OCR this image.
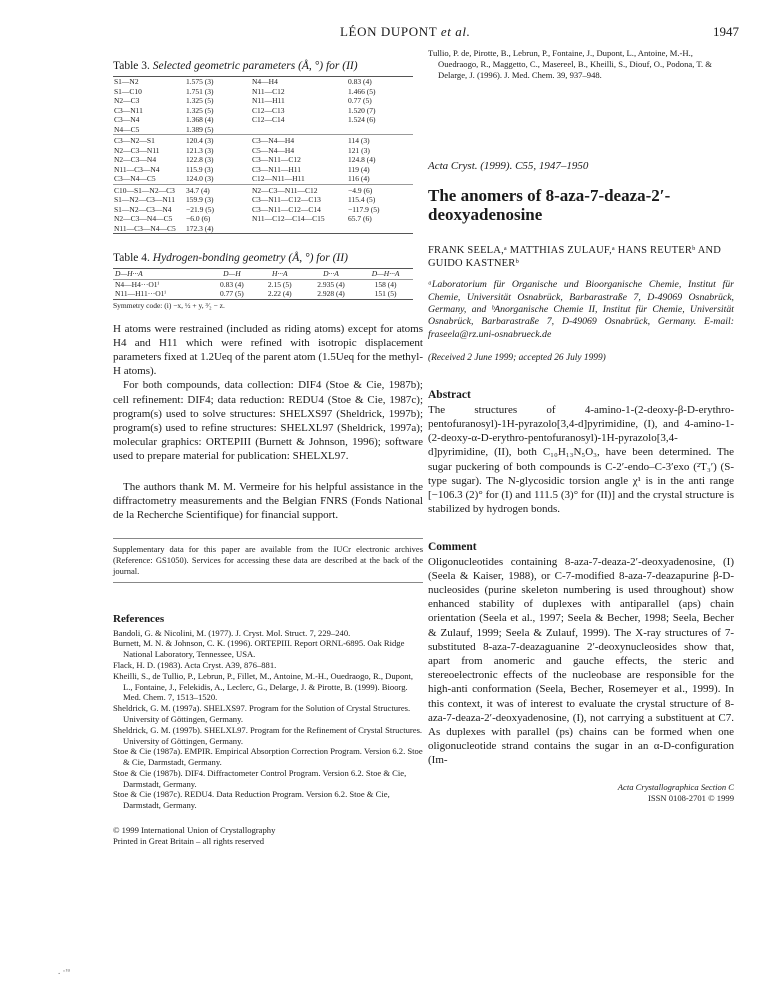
LÉON DUPONT et al.	1947
Table 3. Selected geometric parameters (Å, °) for (II)
S1—N2	1.575 (3)	N4—H4	0.83 (4)
S1—C10	1.751 (3)	N11—C12	1.466 (5)
N2—C3	1.325 (5)	N11—H11	0.77 (5)
C3—N11	1.325 (5)	C12—C13	1.520 (7)
C3—N4	1.368 (4)	C12—C14	1.524 (6)
N4—C5	1.389 (5)		
C3—N2—S1	120.4 (3)	C3—N4—H4	114 (3)
N2—C3—N11	121.3 (3)	C5—N4—H4	121 (3)
N2—C3—N4	122.8 (3)	C3—N11—C12	124.8 (4)
N11—C3—N4	115.9 (3)	C3—N11—H11	119 (4)
C3—N4—C5	124.0 (3)	C12—N11—H11	116 (4)
C10—S1—N2—C3	34.7 (4)	N2—C3—N11—C12	−4.9 (6)
S1—N2—C3—N11	159.9 (3)	C3—N11—C12—C13	115.4 (5)
S1—N2—C3—N4	−21.9 (5)	C3—N11—C12—C14	−117.9 (5)
N2—C3—N4—C5	−6.0 (6)	N11—C12—C14—C15	65.7 (6)
N11—C3—N4—C5	172.3 (4)		
Table 4. Hydrogen-bonding geometry (Å, °) for (II)
D—H···A	D—H	H···A	D···A	D—H···A
N4—H4···O1ⁱ	0.83 (4)	2.15 (5)	2.935 (4)	158 (4)
N11—H11···O1ⁱ	0.77 (5)	2.22 (4)	2.928 (4)	151 (5)
Symmetry code: (i) −x, ½ + y, ³⁄₂ − z.

H atoms were restrained (included as riding atoms) except for atoms H4 and H11 which were refined with isotropic displacement parameters fixed at 1.2Ueq of the parent atom (1.5Ueq for the methyl-H atoms).

For both compounds, data collection: DIF4 (Stoe & Cie, 1987b); cell refinement: DIF4; data reduction: REDU4 (Stoe & Cie, 1987c); program(s) used to solve structures: SHELXS97 (Sheldrick, 1997b); program(s) used to refine structures: SHELXL97 (Sheldrick, 1997a); molecular graphics: ORTEPIII (Burnett & Johnson, 1996); software used to prepare material for publication: SHELXL97.

The authors thank M. M. Vermeire for his helpful assistance in the diffractometry measurements and the Belgian FNRS (Fonds National de la Recherche Scientifique) for financial support.

Supplementary data for this paper are available from the IUCr electronic archives (Reference: GS1050). Services for accessing these data are described at the back of the journal.

References

Bandoli, G. & Nicolini, M. (1977). J. Cryst. Mol. Struct. 7, 229–240.

Burnett, M. N. & Johnson, C. K. (1996). ORTEPIII. Report ORNL-6895. Oak Ridge National Laboratory, Tennessee, USA.

Flack, H. D. (1983). Acta Cryst. A39, 876–881.

Kheilli, S., de Tullio, P., Lebrun, P., Fillet, M., Antoine, M.-H., Ouedraogo, R., Dupont, L., Fontaine, J., Felekidis, A., Leclerc, G., Delarge, J. & Pirotte, B. (1999). Bioorg. Med. Chem. 7, 1513–1520.

Sheldrick, G. M. (1997a). SHELXS97. Program for the Solution of Crystal Structures. University of Göttingen, Germany.

Sheldrick, G. M. (1997b). SHELXL97. Program for the Refinement of Crystal Structures. University of Göttingen, Germany.

Stoe & Cie (1987a). EMPIR. Empirical Absorption Correction Program. Version 6.2. Stoe & Cie, Darmstadt, Germany.

Stoe & Cie (1987b). DIF4. Diffractometer Control Program. Version 6.2. Stoe & Cie, Darmstadt, Germany.

Stoe & Cie (1987c). REDU4. Data Reduction Program. Version 6.2. Stoe & Cie, Darmstadt, Germany.

© 1999 International Union of Crystallography
Printed in Great Britain – all rights reserved

Tullio, P. de, Pirotte, B., Lebrun, P., Fontaine, J., Dupont, L., Antoine, M.-H., Ouedraogo, R., Maggetto, C., Masereel, B., Kheilli, S., Diouf, O., Podona, T. & Delarge, J. (1996). J. Med. Chem. 39, 937–948.

Acta Cryst. (1999). C55, 1947–1950
The anomers of 8-aza-7-deaza-2′-deoxyadenosine
FRANK SEELA,ᵃ MATTHIAS ZULAUF,ᵃ HANS REUTERᵇ AND GUIDO KASTNERᵇ
ᵃLaboratorium für Organische und Bioorganische Chemie, Institut für Chemie, Universität Osnabrück, Barbarastraße 7, D-49069 Osnabrück, Germany, and ᵇAnorganische Chemie II, Institut für Chemie, Universität Osnabrück, Barbarastraße 7, D-49069 Osnabrück, Germany. E-mail: fraseela@rz.uni-osnabrueck.de
(Received 2 June 1999; accepted 26 July 1999)
Abstract

The structures of 4-amino-1-(2-deoxy-β-D-erythro-pentofuranosyl)-1H-pyrazolo[3,4-d]pyrimidine, (I), and 4-amino-1-(2-deoxy-α-D-erythro-pentofuranosyl)-1H-pyrazolo[3,4-d]pyrimidine, (II), both C₁₀H₁₃N₅O₃, have been determined. The sugar puckering of both compounds is C-2′-endo–C-3′exo (²T₃′) (S-type sugar). The N-glycosidic torsion angle χ¹ is in the anti range [−106.3 (2)° for (I) and 111.5 (3)° for (II)] and the crystal structure is stabilized by hydrogen bonds.

Comment

Oligonucleotides containing 8-aza-7-deaza-2′-deoxyadenosine, (I) (Seela & Kaiser, 1988), or C-7-modified 8-aza-7-deazapurine β-D-nucleosides (purine skeleton numbering is used throughout) show enhanced stability of duplexes with antiparallel (aps) chain orientation (Seela et al., 1997; Seela & Becher, 1998; Seela, Becher & Zulauf, 1999; Seela & Zulauf, 1999). The X-ray structures of 7-substituted 8-aza-7-deazaguanine 2′-deoxynucleosides show that, apart from anomeric and gauche effects, the steric and stereoelectronic effects of the nucleobase are responsible for the high-anti conformation (Seela, Becher, Rosemeyer et al., 1999). In this context, it was of interest to evaluate the crystal structure of 8-aza-7-deaza-2′-deoxyadenosine, (I), not carrying a substituent at C7. As duplexes with parallel (ps) chains can be formed when one oligonucleotide strand contains the sugar in an α-D-configuration (Im-

Acta Crystallographica Section C
ISSN 0108-2701 © 1999
. ·ʳᵃ
